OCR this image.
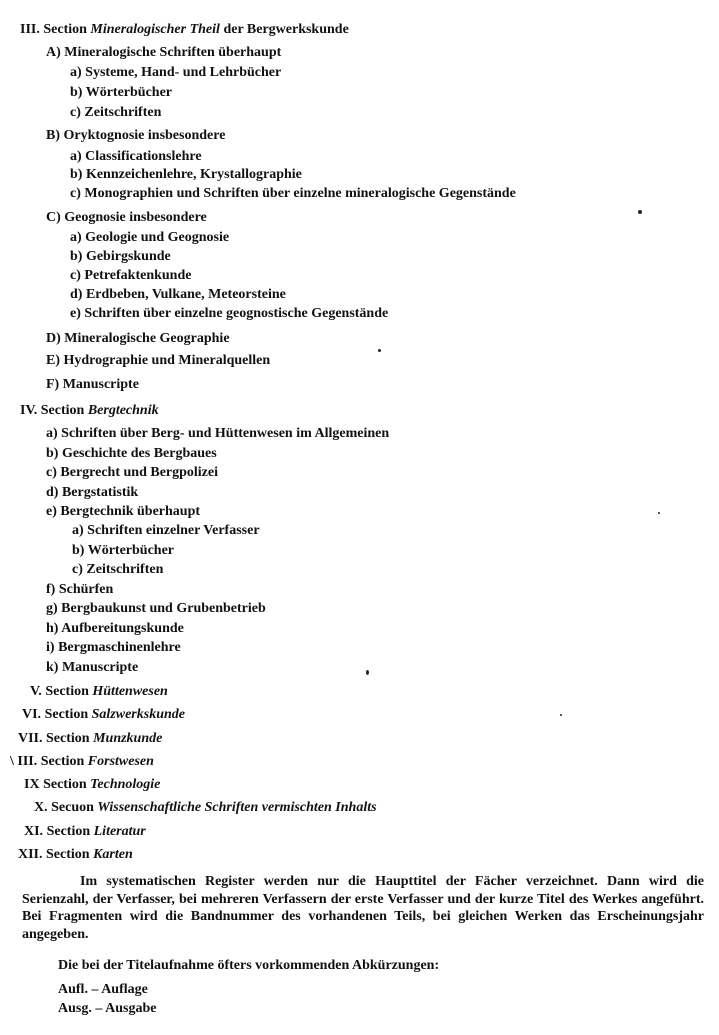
III. Section Mineralogischer Theil der Bergwerkskunde
A) Mineralogische Schriften überhaupt
a) Systeme, Hand- und Lehrbücher
b) Wörterbücher
c) Zeitschriften
B) Oryktognosie insbesondere
a) Classificationslehre
b) Kennzeichenlehre, Krystallographie
c) Monographien und Schriften über einzelne mineralogische Gegenstände
C) Geognosie insbesondere
a) Geologie und Geognosie
b) Gebirgskunde
c) Petrefaktenkunde
d) Erdbeben, Vulkane, Meteorsteine
e) Schriften über einzelne geognostische Gegenstände
D) Mineralogische Geographie
E) Hydrographie und Mineralquellen
F) Manuscripte
IV. Section Bergtechnik
a) Schriften über Berg- und Hüttenwesen im Allgemeinen
b) Geschichte des Bergbaues
c) Bergrecht und Bergpolizei
d) Bergstatistik
e) Bergtechnik überhaupt
a) Schriften einzelner Verfasser
b) Wörterbücher
c) Zeitschriften
f) Schürfen
g) Bergbaukunst und Grubenbetrieb
h) Aufbereitungskunde
i) Bergmaschinenlehre
k) Manuscripte
V. Section Hüttenwesen
VI. Section Salzwerkskunde
VII. Section Munzkunde
\ III. Section Forstwesen
IX Section Technologie
X. Secuon Wissenschaftliche Schriften vermischten Inhalts
XI. Section Literatur
XII. Section Karten
Im systematischen Register werden nur die Haupttitel der Fächer verzeichnet. Dann wird die Serienzahl, der Verfasser, bei mehreren Verfassern der erste Verfasser und der kurze Titel des Werkes angeführt. Bei Fragmenten wird die Bandnummer des vorhandenen Teils, bei gleichen Werken das Erscheinungsjahr angegeben.
Die bei der Titelaufnahme öfters vorkommenden Abkürzungen:
Aufl. – Auflage
Ausg. – Ausgabe
